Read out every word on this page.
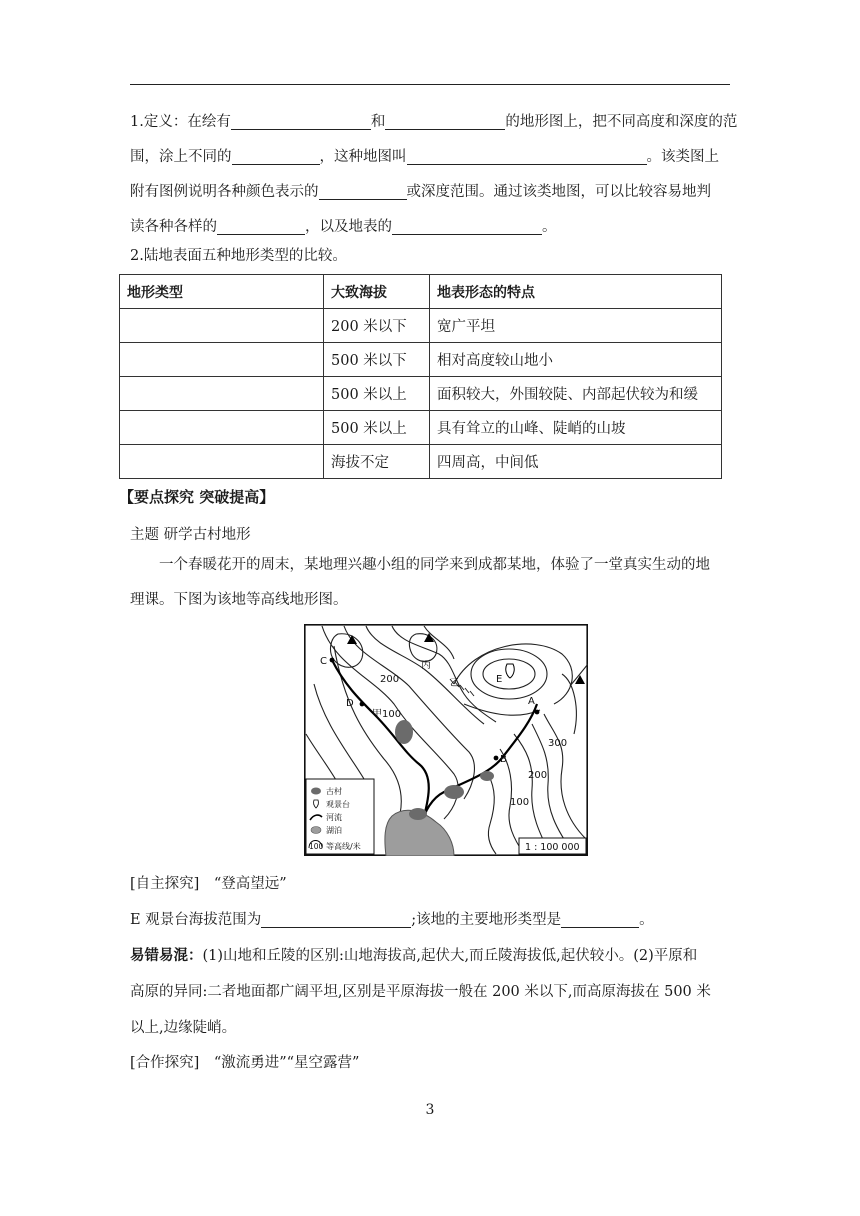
1.定义：在绘有	和	的地形图上，把不同高度和深度的范
围，涂上不同的	，这种地图叫	。该类图上
附有图例说明各种颜色表示的	或深度范围。通过该类地图，可以比较容易地判
读各种各样的	，以及地表的	。
2.陆地表面五种地形类型的比较。
地形类型	大致海拔	地表形态的特点
	200 米以下	宽广平坦
	500 米以下	相对高度较山地小
	500 米以上	面积较大，外围较陡、内部起伏较为和缓
	500 米以上	具有耸立的山峰、陡峭的山坡
	海拔不定	四周高，中间低
【要点探究 突破提高】
主题 研学古村地形
一个春暖花开的周末，某地理兴趣小组的同学来到成都某地，体验了一堂真实生动的地
理课。下图为该地等高线地形图。
C
D
甲100
丙
乙	E
A
B
200
300
200
100
古村
观景台
河流
湖泊
100 等高线/米	1 : 100 000
[自主探究]　“登高望远”
E 观景台海拔范围为	;该地的主要地形类型是	。
易错易混：(1)山地和丘陵的区别:山地海拔高,起伏大,而丘陵海拔低,起伏较小。(2)平原和
高原的异同:二者地面都广阔平坦,区别是平原海拔一般在 200 米以下,而高原海拔在 500 米
以上,边缘陡峭。
[合作探究]　“激流勇进”“星空露营”
3
